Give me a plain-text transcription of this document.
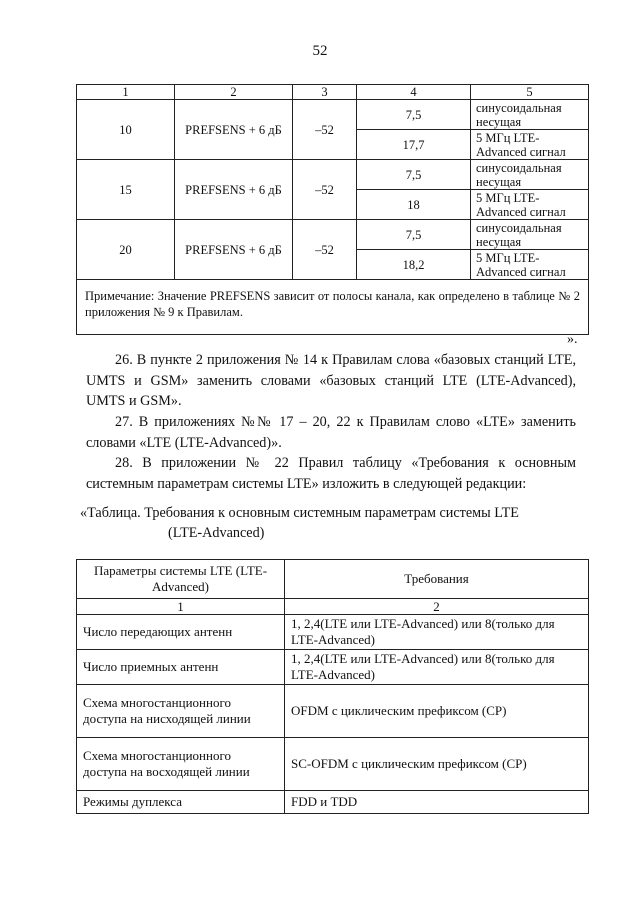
52
1	2	3	4	5
10	PREFSENS + 6 дБ	–52	7,5	синусоидальная несущая
			17,7	5 МГц LTE-Advanced сигнал
15	PREFSENS + 6 дБ	–52	7,5	синусоидальная несущая
			18	5 МГц LTE-Advanced сигнал
20	PREFSENS + 6 дБ	–52	7,5	синусоидальная несущая
			18,2	5 МГц LTE-Advanced сигнал
Примечание: Значение PREFSENS зависит от полосы канала, как определено в таблице № 2 приложения № 9 к Правилам.				
».

26. В пункте 2 приложения № 14 к Правилам слова «базовых станций LTE, UMTS и GSM» заменить словами «базовых станций LTE (LTE-Advanced), UMTS и GSM».

27. В приложениях №№ 17 – 20, 22 к Правилам слово «LTE» заменить словами «LTE (LTE-Advanced)».

28. В приложении № 22 Правил таблицу «Требования к основным системным параметрам системы LTE» изложить в следующей редакции:

«Таблица. Требования к основным системным параметрам системы LTE
(LTE-Advanced)
Параметры системы LTE (LTE-Advanced)	Требования
1	2
Число передающих антенн	1, 2,4(LTE или LTE-Advanced) или 8(только для LTE-Advanced)
Число приемных антенн	1, 2,4(LTE или LTE-Advanced) или 8(только для LTE-Advanced)
Схема многостанционного доступа на нисходящей линии	OFDM с циклическим префиксом (CP)
Схема многостанционного доступа на восходящей линии	SC-OFDM с циклическим префиксом (CP)
Режимы дуплекса	FDD и TDD
